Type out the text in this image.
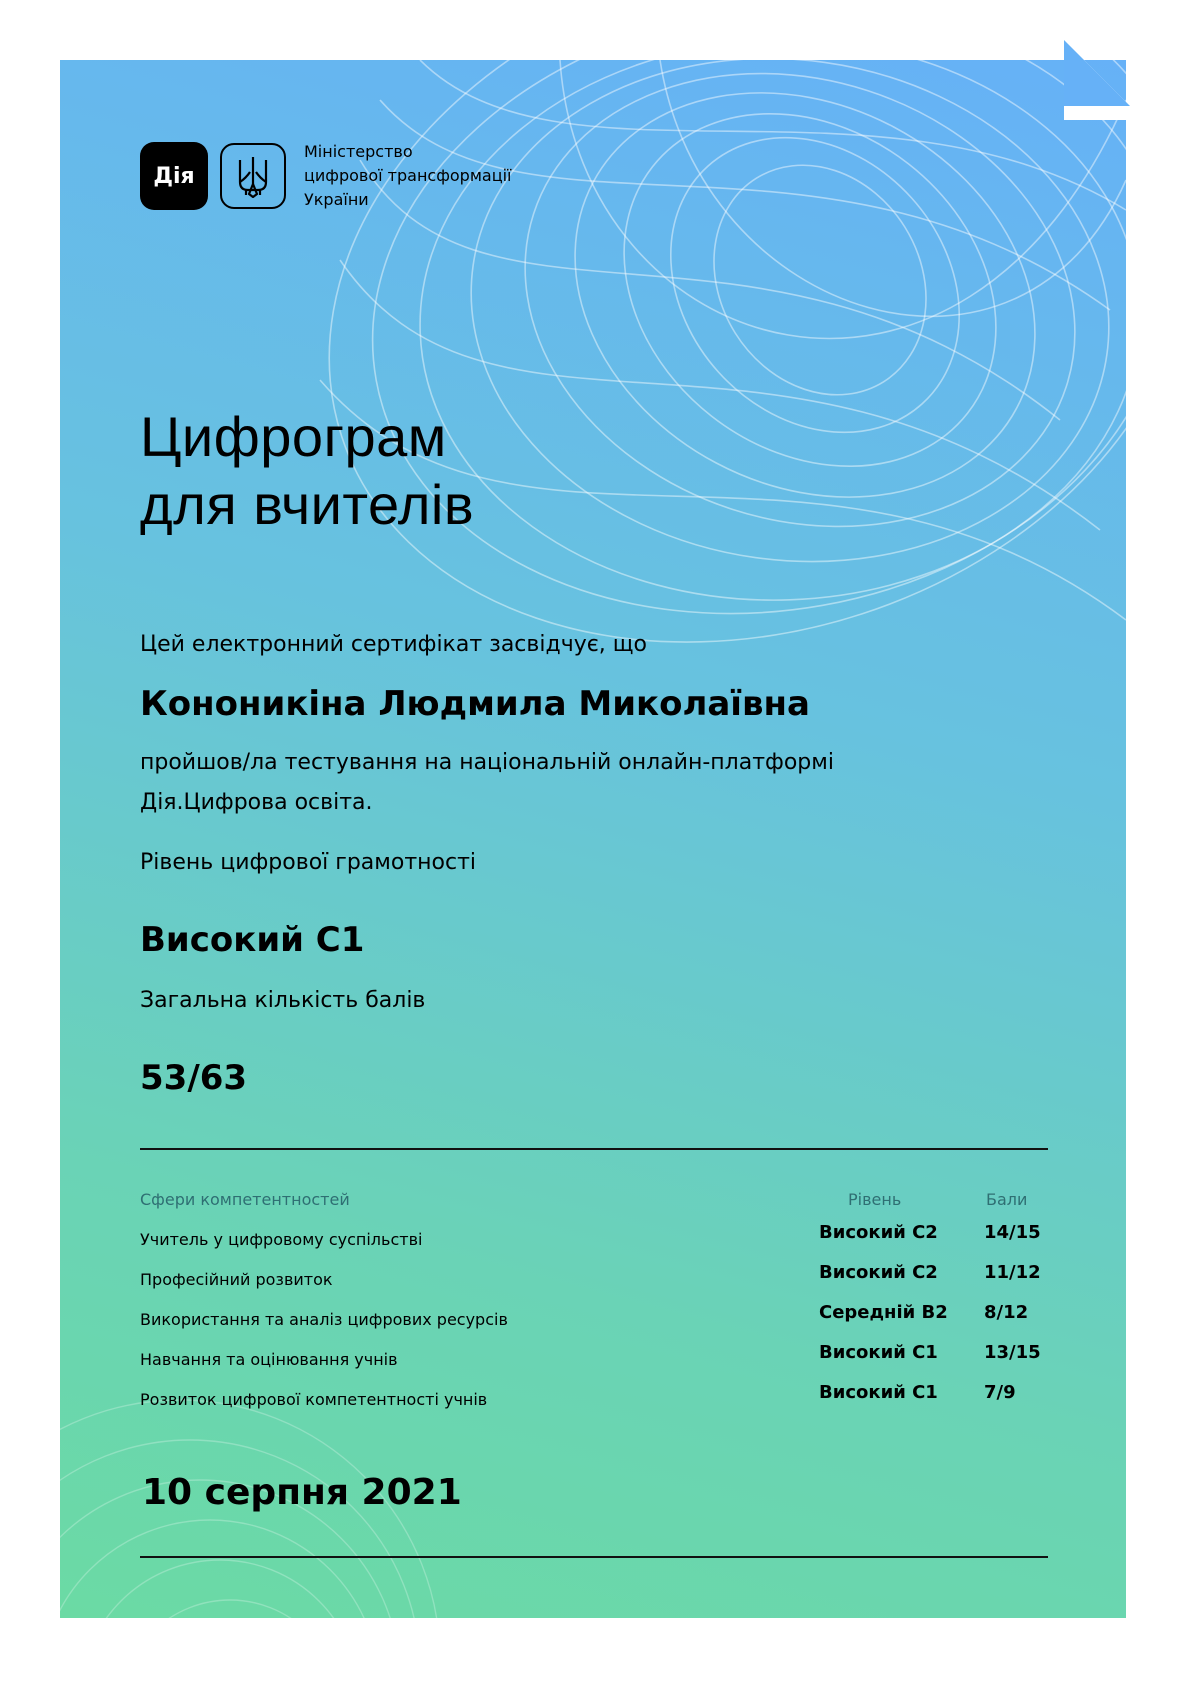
Дія
Міністерство
цифрової трансформації
України
Цифрограм
для вчителів
Цей електронний сертифікат засвідчує, що
Кононикіна Людмила Миколаївна
пройшов/ла тестування на національній онлайн-платформі
Дія.Цифрова освіта.
Рівень цифрової грамотності
Високий С1
Загальна кількість балів
53/63
Сфери компетентностей	Рівень	Бали
Учитель у цифровому суспільстві
Професійний розвиток
Використання та аналіз цифрових ресурсів
Навчання та оцінювання учнів
Розвиток цифрової компетентності учнів
Високий С2
Високий С2
Середній В2
Високий С1
Високий С1
14/15
11/12
8/12
13/15
7/9
10 серпня 2021
